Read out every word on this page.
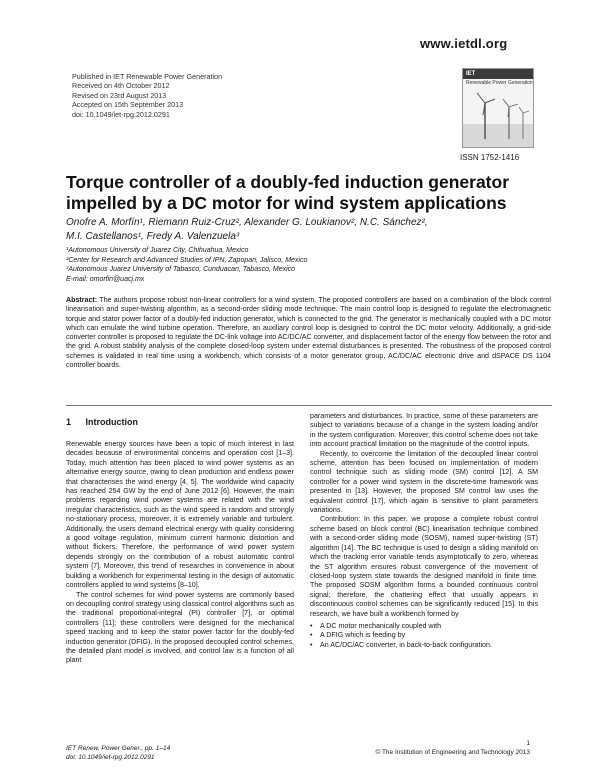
www.ietdl.org
Published in IET Renewable Power Generation
Received on 4th October 2012
Revised on 23rd August 2013
Accepted on 15th September 2013
doi: 10.1049/iet-rpg.2012.0291
IET
Renewable Power Generation
ISSN 1752-1416
Torque controller of a doubly-fed induction generator impelled by a DC motor for wind system applications
Onofre A. Morfín¹, Riemann Ruiz-Cruz², Alexander G. Loukianov², N.C. Sánchez²,
M.I. Castellanos¹, Fredy A. Valenzuela³
¹Autonomous University of Juarez City, Chihuahua, Mexico
²Center for Research and Advanced Studies of IPN, Zapopan, Jalisco, Mexico
³Autonomous Juarez University of Tabasco, Cunduacan, Tabasco, Mexico
E-mail: omorfin@uacj.mx
Abstract: The authors propose robust non-linear controllers for a wind system. The proposed controllers are based on a combination of the block control linearisation and super-twisting algorithm, as a second-order sliding mode technique. The main control loop is designed to regulate the electromagnetic torque and stator power factor of a doubly-fed induction generator, which is connected to the grid. The generator is mechanically coupled with a DC motor which can emulate the wind turbine operation. Therefore, an auxiliary control loop is designed to control the DC motor velocity. Additionally, a grid-side converter controller is proposed to regulate the DC-link voltage into AC/DC/AC converter, and displacement factor of the energy flow between the rotor and the grid. A robust stability analysis of the complete closed-loop system under external disturbances is presented. The robustness of the proposed control schemes is validated in real time using a workbench, which consists of a motor generator group, AC/DC/AC electronic drive and dSPACE DS 1104 controller boards.
1 Introduction

Renewable energy sources have been a topic of much interest in last decades because of environmental concerns and operation cost [1–3]. Today, much attention has been placed to wind power systems as an alternative energy source, owing to clean production and endless power that characterises the wind energy [4, 5]. The worldwide wind capacity has reached 254 GW by the end of June 2012 [6]. However, the main problems regarding wind power systems are related with the wind irregular characteristics, such as the wind speed is random and strongly no-stationary process, moreover, it is extremely variable and turbulent. Additionally, the users demand electrical energy with quality considering a good voltage regulation, minimum current harmonic distortion and without flickers. Therefore, the performance of wind power system depends strongly on the contribution of a robust automatic control system [7]. Moreover, this trend of researches in convenience in about building a workbench for experimental testing in the design of automatic controllers applied to wind systems [8–10].

The control schemes for wind power systems are commonly based on decoupling control strategy using classical control algorithms such as the traditional proportional-integral (PI) controller [7], or optimal controllers [11]; these controllers were designed for the mechanical speed tracking and to keep the stator power factor for the doubly-fed induction generator (DFIG). In the proposed decoupled control schemes, the detailed plant model is involved, and control law is a function of all plant

parameters and disturbances. In practice, some of these parameters are subject to variations because of a change in the system loading and/or in the system configuration. Moreover, this control scheme does not take into account practical limitation on the magnitude of the control inputs.

Recently, to overcome the limitation of the decoupled linear control scheme, attention has been focused on implementation of modern control technique such as sliding mode (SM) control [12]. A SM controller for a power wind system in the discrete-time framework was presented in [13]. However, the proposed SM control law uses the equivalent control [17], which again is sensitive to plant parameters variations.

Contribution: In this paper, we propose a complete robust control scheme based on block control (BC) linearisation technique combined with a second-order sliding mode (SOSM), named super-twisting (ST) algorithm [14]. The BC technique is used to design a sliding manifold on which the tracking error variable tends asymptotically to zero, whereas the ST algorithm ensures robust convergence of the movement of closed-loop system state towards the designed manifold in finite time. The proposed SOSM algorithm forms a bounded continuous control signal; therefore, the chattering effect that usually appears in discontinuous control schemes can be significantly reduced [15]. In this research, we have built a workbench formed by

• A DC motor mechanically coupled with
• A DFIG which is feeding by
• An AC/DC/AC converter, in back-to-back configuration.
IET Renew. Power Gener., pp. 1–14
doi: 10.1049/iet-rpg.2012.0291
1
© The Institution of Engineering and Technology 2013
